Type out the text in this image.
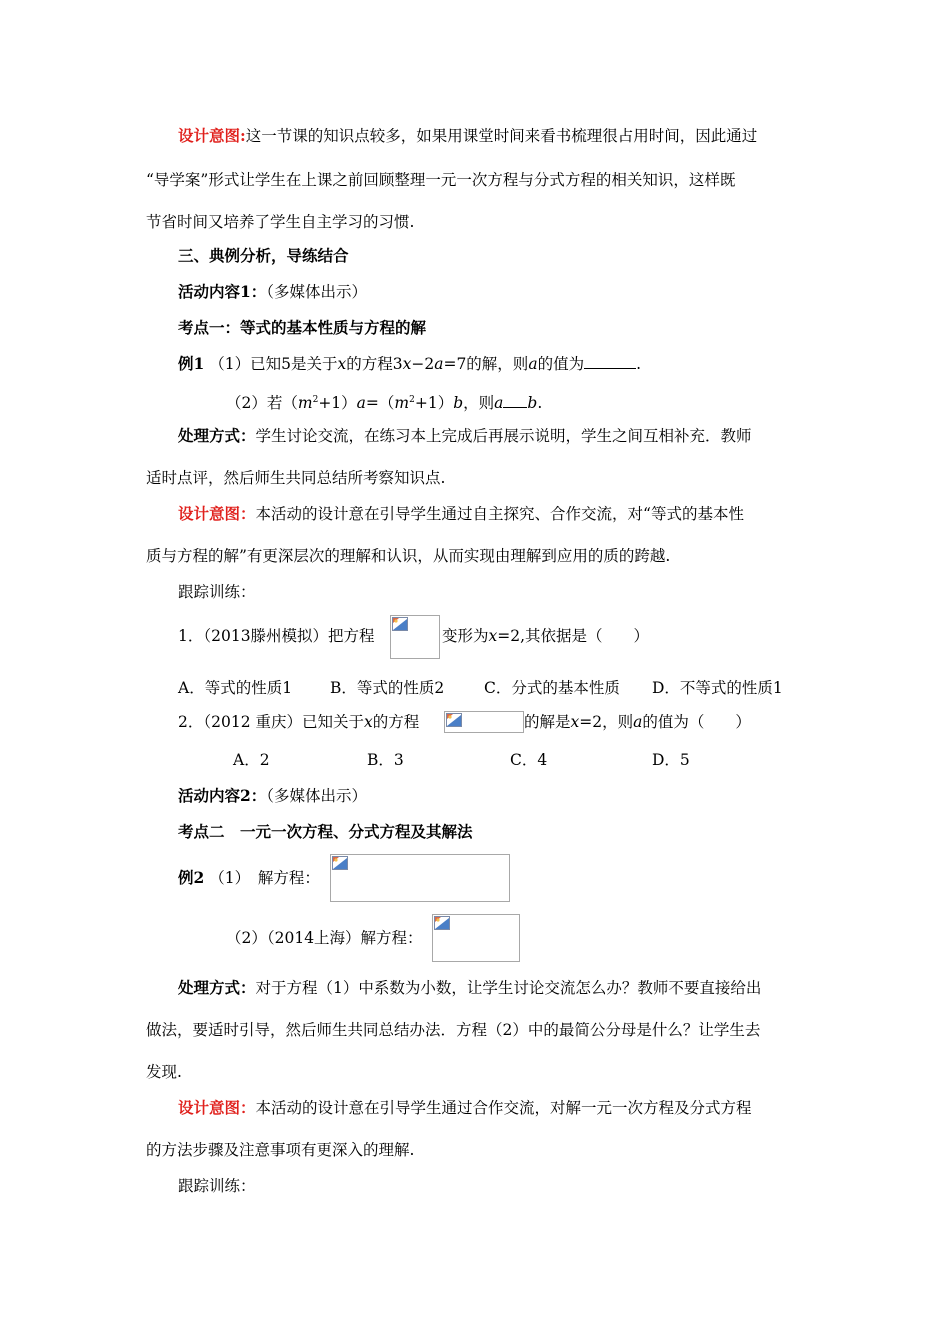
设计意图:这一节课的知识点较多，如果用课堂时间来看书梳理很占用时间，因此通过
“导学案”形式让学生在上课之前回顾整理一元一次方程与分式方程的相关知识，这样既
节省时间又培养了学生自主学习的习惯.
三、典例分析，导练结合
活动内容1：（多媒体出示）
考点一：等式的基本性质与方程的解
例1 （1）已知5是关于x的方程3x−2a=7的解，则a的值为	.
（2）若$(m^2+1)a=(m^2+1)b$，则a b.
处理方式：学生讨论交流，在练习本上完成后再展示说明，学生之间互相补充．教师
适时点评，然后师生共同总结所考察知识点.
设计意图：本活动的设计意在引导学生通过自主探究、合作交流，对“等式的基本性
质与方程的解”有更深层次的理解和认识，从而实现由理解到应用的质的跨越.
跟踪训练：
1．（2013滕州模拟）把方程	变形为x=2,其依据是（　　）
A．等式的性质1 B．等式的性质2	C．分式的基本性质 D．不等式的性质1
2．（2012 重庆）已知关于x的方程	的解是x=2，则a的值为（　　）
A．2	B．3	C．4	D．5
活动内容2：（多媒体出示）
考点二　一元一次方程、分式方程及其解法
例2 （1）　解方程：
（2）（2014上海）解方程：
处理方式：对于方程（1）中系数为小数，让学生讨论交流怎么办？教师不要直接给出
做法，要适时引导，然后师生共同总结办法．方程（2）中的最简公分母是什么？让学生去
发现.
设计意图：本活动的设计意在引导学生通过合作交流，对解一元一次方程及分式方程
的方法步骤及注意事项有更深入的理解.
跟踪训练：
